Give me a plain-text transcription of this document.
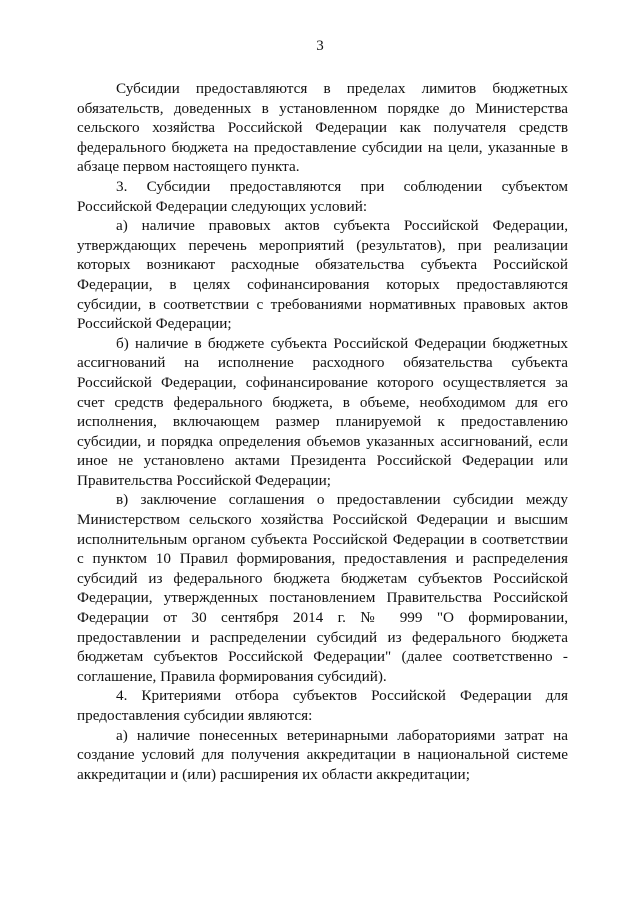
3

Субсидии предоставляются в пределах лимитов бюджетных обязательств, доведенных в установленном порядке до Министерства сельского хозяйства Российской Федерации как получателя средств федерального бюджета на предоставление субсидии на цели, указанные в абзаце первом настоящего пункта.

3. Субсидии предоставляются при соблюдении субъектом Российской Федерации следующих условий:

а) наличие правовых актов субъекта Российской Федерации, утверждающих перечень мероприятий (результатов), при реализации которых возникают расходные обязательства субъекта Российской Федерации, в целях софинансирования которых предоставляются субсидии, в соответствии с требованиями нормативных правовых актов Российской Федерации;

б) наличие в бюджете субъекта Российской Федерации бюджетных ассигнований на исполнение расходного обязательства субъекта Российской Федерации, софинансирование которого осуществляется за счет средств федерального бюджета, в объеме, необходимом для его исполнения, включающем размер планируемой к предоставлению субсидии, и порядка определения объемов указанных ассигнований, если иное не установлено актами Президента Российской Федерации или Правительства Российской Федерации;

в) заключение соглашения о предоставлении субсидии между Министерством сельского хозяйства Российской Федерации и высшим исполнительным органом субъекта Российской Федерации в соответствии с пунктом 10 Правил формирования, предоставления и распределения субсидий из федерального бюджета бюджетам субъектов Российской Федерации, утвержденных постановлением Правительства Российской Федерации от 30 сентября 2014 г. № 999 "О формировании, предоставлении и распределении субсидий из федерального бюджета бюджетам субъектов Российской Федерации" (далее соответственно - соглашение, Правила формирования субсидий).

4. Критериями отбора субъектов Российской Федерации для предоставления субсидии являются:

а) наличие понесенных ветеринарными лабораториями затрат на создание условий для получения аккредитации в национальной системе аккредитации и (или) расширения их области аккредитации;
